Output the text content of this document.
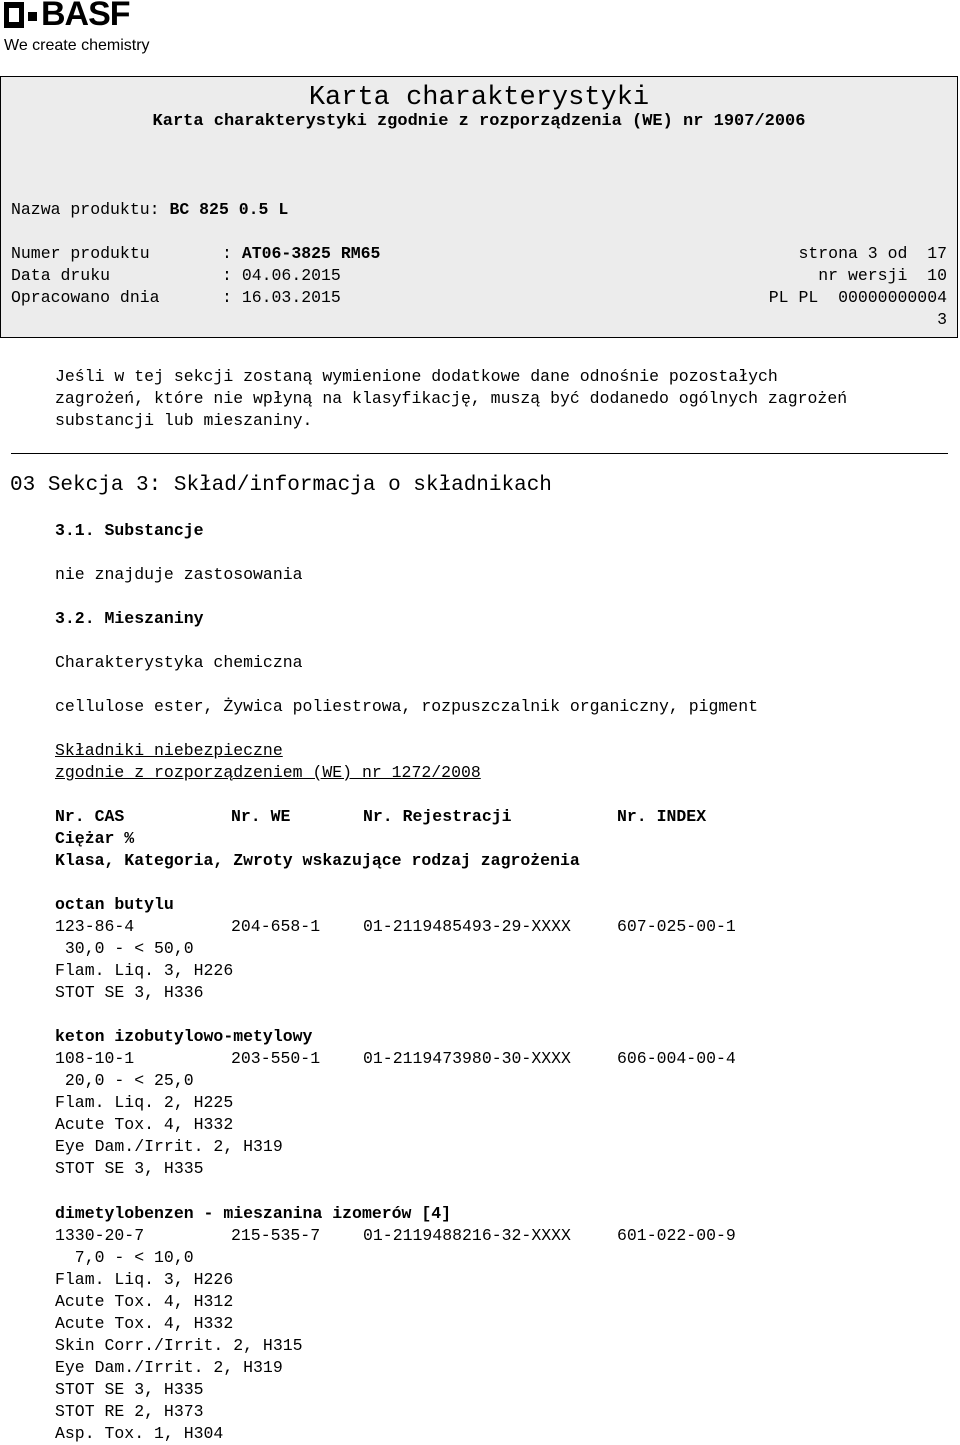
BASF
We create chemistry
Karta charakterystyki
Karta charakterystyki zgodnie z rozporządzenia (WE) nr 1907/2006
Nazwa produktu: BC 825 0.5 L
Numer produktu	: AT06-3825 RM65
Data druku	: 04.06.2015
Opracowano dnia	: 16.03.2015
strona 3 od  17
nr wersji  10
PL PL  00000000004
3
Jeśli w tej sekcji zostaną wymienione dodatkowe dane odnośnie pozostałych
zagrożeń, które nie wpłyną na klasyfikację, muszą być dodanedo ogólnych zagrożeń
substancji lub mieszaniny.
03 Sekcja 3: Skład/informacja o składnikach
3.1. Substancje
nie znajduje zastosowania
3.2. Mieszaniny
Charakterystyka chemiczna
cellulose ester, Żywica poliestrowa, rozpuszczalnik organiczny, pigment
Składniki niebezpieczne
zgodnie z rozporządzeniem (WE) nr 1272/2008
Nr. CAS	Nr. WE	Nr. Rejestracji	Nr. INDEX
Ciężar %
Klasa, Kategoria, Zwroty wskazujące rodzaj zagrożenia
octan butylu
123-86-4	204-658-1	01-2119485493-29-XXXX	607-025-00-1
30,0 - < 50,0
Flam. Liq. 3, H226
STOT SE 3, H336
keton izobutylowo-metylowy
108-10-1	203-550-1	01-2119473980-30-XXXX	606-004-00-4
20,0 - < 25,0
Flam. Liq. 2, H225
Acute Tox. 4, H332
Eye Dam./Irrit. 2, H319
STOT SE 3, H335
dimetylobenzen - mieszanina izomerów [4]
1330-20-7	215-535-7	01-2119488216-32-XXXX	601-022-00-9
7,0 - < 10,0
Flam. Liq. 3, H226
Acute Tox. 4, H312
Acute Tox. 4, H332
Skin Corr./Irrit. 2, H315
Eye Dam./Irrit. 2, H319
STOT SE 3, H335
STOT RE 2, H373
Asp. Tox. 1, H304
